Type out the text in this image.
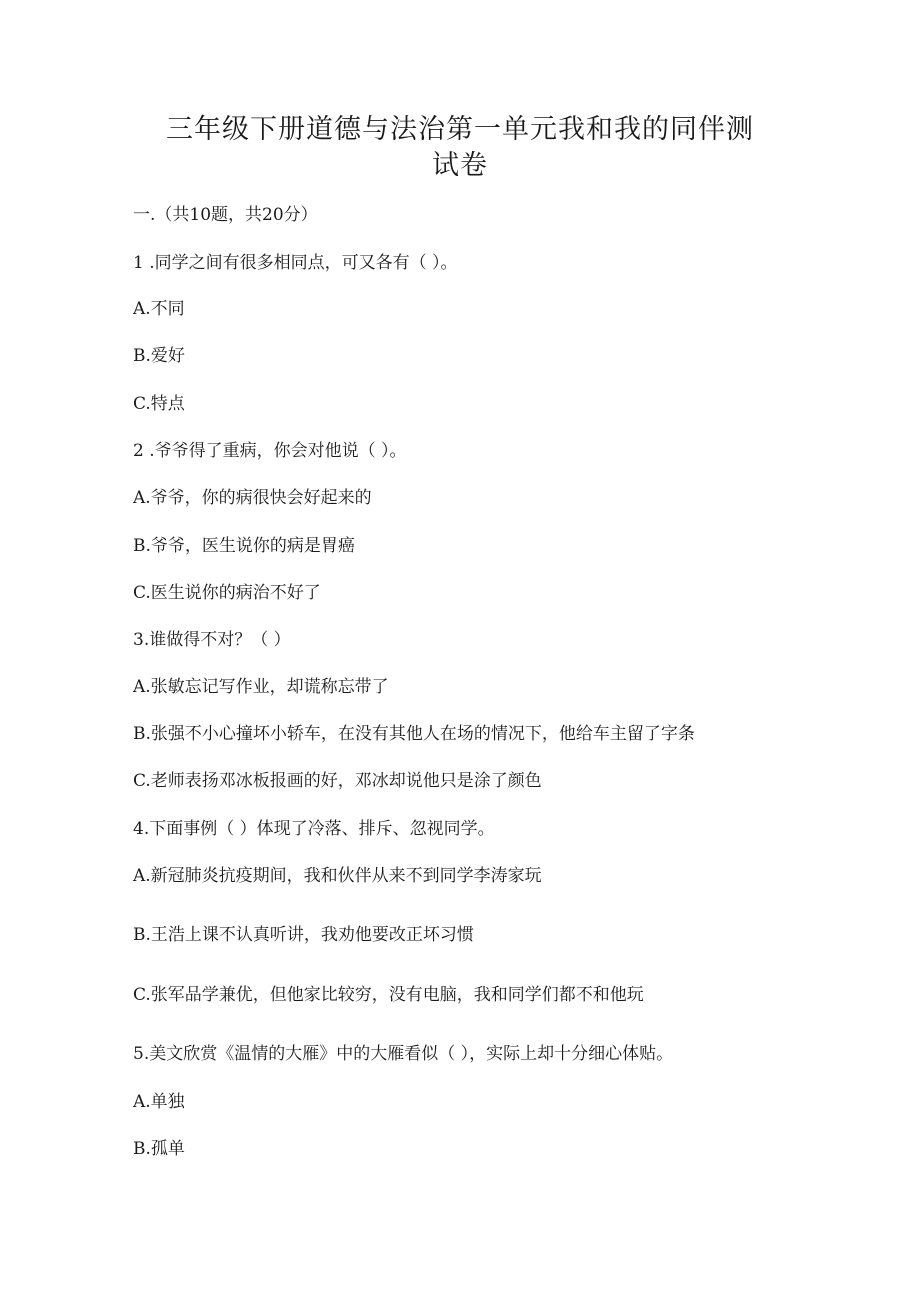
三年级下册道德与法治第一单元我和我的同伴测
试卷
一.（共10题，共20分）
1 .同学之间有很多相同点，可又各有（ ）。
A.不同
B.爱好
C.特点
2 .爷爷得了重病，你会对他说（ ）。
A.爷爷，你的病很快会好起来的
B.爷爷，医生说你的病是胃癌
C.医生说你的病治不好了
3.谁做得不对？（ ）
A.张敏忘记写作业，却谎称忘带了
B.张强不小心撞坏小轿车，在没有其他人在场的情况下，他给车主留了字条
C.老师表扬邓冰板报画的好，邓冰却说他只是涂了颜色
4.下面事例（ ）体现了冷落、排斥、忽视同学。
A.新冠肺炎抗疫期间，我和伙伴从来不到同学李涛家玩
B.王浩上课不认真听讲，我劝他要改正坏习惯
C.张军品学兼优，但他家比较穷，没有电脑，我和同学们都不和他玩
5.美文欣赏《温情的大雁》中的大雁看似（ ），实际上却十分细心体贴。
A.单独
B.孤单
